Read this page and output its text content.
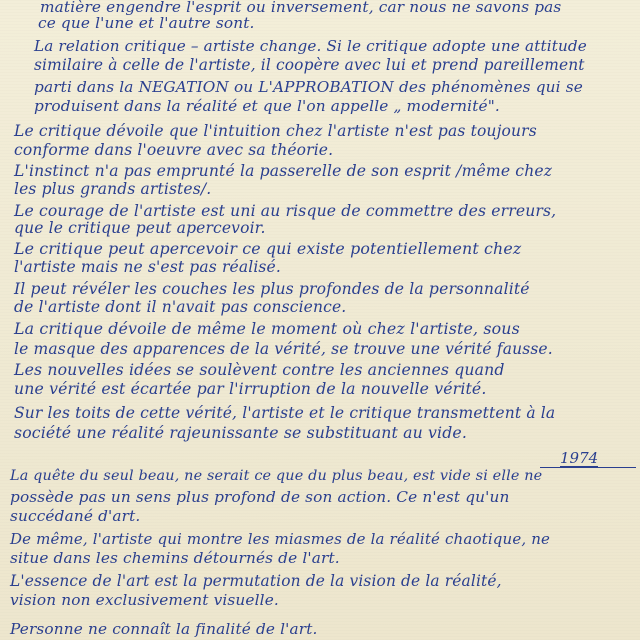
matière engendre l'esprit ou inversement, car nous ne savons pas
ce que l'une et l'autre sont.
La relation critique – artiste change. Si le critique adopte une attitude
similaire à celle de l'artiste, il coopère avec lui et prend pareillement
parti dans la NEGATION ou L'APPROBATION des phénomènes qui se
produisent dans la réalité et que l'on appelle „ modernité".
Le critique dévoile que l'intuition chez l'artiste n'est pas toujours
conforme dans l'oeuvre avec sa théorie.
L'instinct n'a pas emprunté la passerelle de son esprit /même chez
les plus grands artistes/.
Le courage de l'artiste est uni au risque de commettre des erreurs,
que le critique peut apercevoir.
Le critique peut apercevoir ce qui existe potentiellement chez
l'artiste mais ne s'est pas réalisé.
Il peut révéler les couches les plus profondes de la personnalité
de l'artiste dont il n'avait pas conscience.
La critique dévoile de même le moment où chez l'artiste, sous
le masque des apparences de la vérité, se trouve une vérité fausse.
Les nouvelles idées se soulèvent contre les anciennes quand
une vérité est écartée par l'irruption de la nouvelle vérité.
Sur les toits de cette vérité, l'artiste et le critique transmettent à la
société une réalité rajeunissante se substituant au vide.
1974
La quête du seul beau, ne serait ce que du plus beau, est vide si elle ne
possède pas un sens plus profond de son action. Ce n'est qu'un
succédané d'art.
De même, l'artiste qui montre les miasmes de la réalité chaotique, ne
situe dans les chemins détournés de l'art.
L'essence de l'art est la permutation de la vision de la réalité,
vision non exclusivement visuelle.
Personne ne connaît la finalité de l'art.
